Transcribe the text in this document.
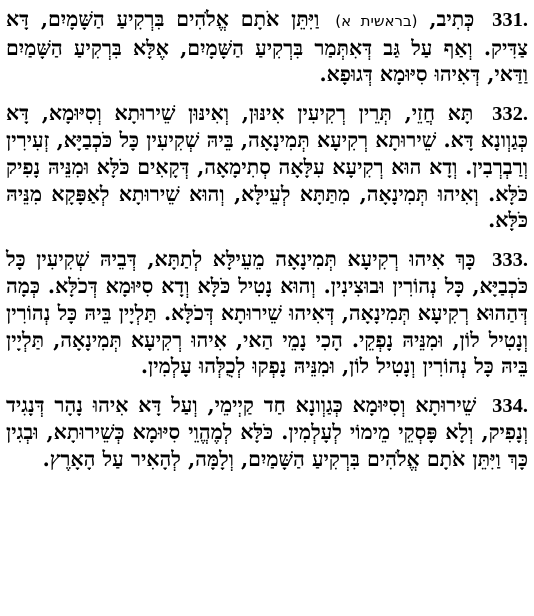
331. כְּתִיב, (בראשית א) וַיִּתֵּן אֹתָם אֱלֹהִים בִּרְקִיעַ הַשָּׁמָיִם, דָּא צַדִּיק. וְאַף עַל גַּב דְּאִתְּמַר בִּרְקִיעַ הַשָּׁמָיִם, אֶלָּא בִּרְקִיעַ הַשָּׁמַיִם וַדַּאי, דְּאִיהוּ סִיּוּמָא דְּגוּפָא.

332. תָּא חֲזֵי, תְּרֵין רְקִיעִין אִינּוּן, וְאִינּוּן שֵׁירוּתָא וְסִיּוּמָא, דָּא כְּגַוְונָא דָּא. שֵׁירוּתָא רְקִיעָא תְּמִינָאָה, בֵּיהּ שְׁקִיעִין כָּל כֹּכְבַיָּא, זְעִירִין וְרַבְרְבִין. וְדָא הוּא רְקִיעָא עִלָּאָה סְתִימָאָה, דְּקָאִים כֹּלָּא וּמִנֵּיהּ נָפִיק כֹּלָּא. וְאִיהוּ תְּמִינָאָה, מִתַּתָּא לְעֵילָּא, וְהוּא שֵׁירוּתָא לְאַפָּקָא מִנֵּיהּ כֹּלָּא.

333. כָּךְ אִיהוּ רְקִיעָא תְּמִינָאָה מֵעֵילָּא לְתַתָּא, דְּבֵיהּ שְׁקִיעִין כָּל כֹּכְבַיָּא, כָּל נְהוֹרִין וּבוּצִינִין. וְהוּא נָטִיל כֹּלָּא וְדָא סִיּוּמָא דְּכֹלָּא. כְּמָה דְּהַהוּא רְקִיעָא תְּמִינָאָה, דְּאִיהוּ שֵׁירוּתָא דְּכֹלָּא. תַּלְיָין בֵּיהּ כָּל נְהוֹרִין וְנָטִיל לוֹן, וּמִנֵּיהּ נָפְקֵי. הָכִי נָמֵי הַאי, אִיהוּ רְקִיעָא תְּמִינָאָה, תַּלְיָין בֵּיהּ כָּל נְהוֹרִין וְנָטִיל לוֹן, וּמִנֵּיהּ נָפְקוּ לְכֻלְּהוּ עָלְמִין.

334. שֵׁירוּתָא וְסִיּוּמָא כְּגַוְונָא חַד קַיְימֵי, וְעַל דָּא אִיהוּ נָהָר דְּנָגִיד וְנָפִיק, וְלָא פָּסְקֵי מֵימוֹי לְעָלְמִין. כֹּלָּא לְמֶהֱוֵי סִיּוּמָא כְּשֵׁירוּתָא, וּבְגִין כָּךְ וַיִּתֵּן אֹתָם אֱלֹהִים בִּרְקִיעַ הַשָּׁמַיִם, וְלָמָּה, לְהָאִיר עַל הָאָרֶץ.
